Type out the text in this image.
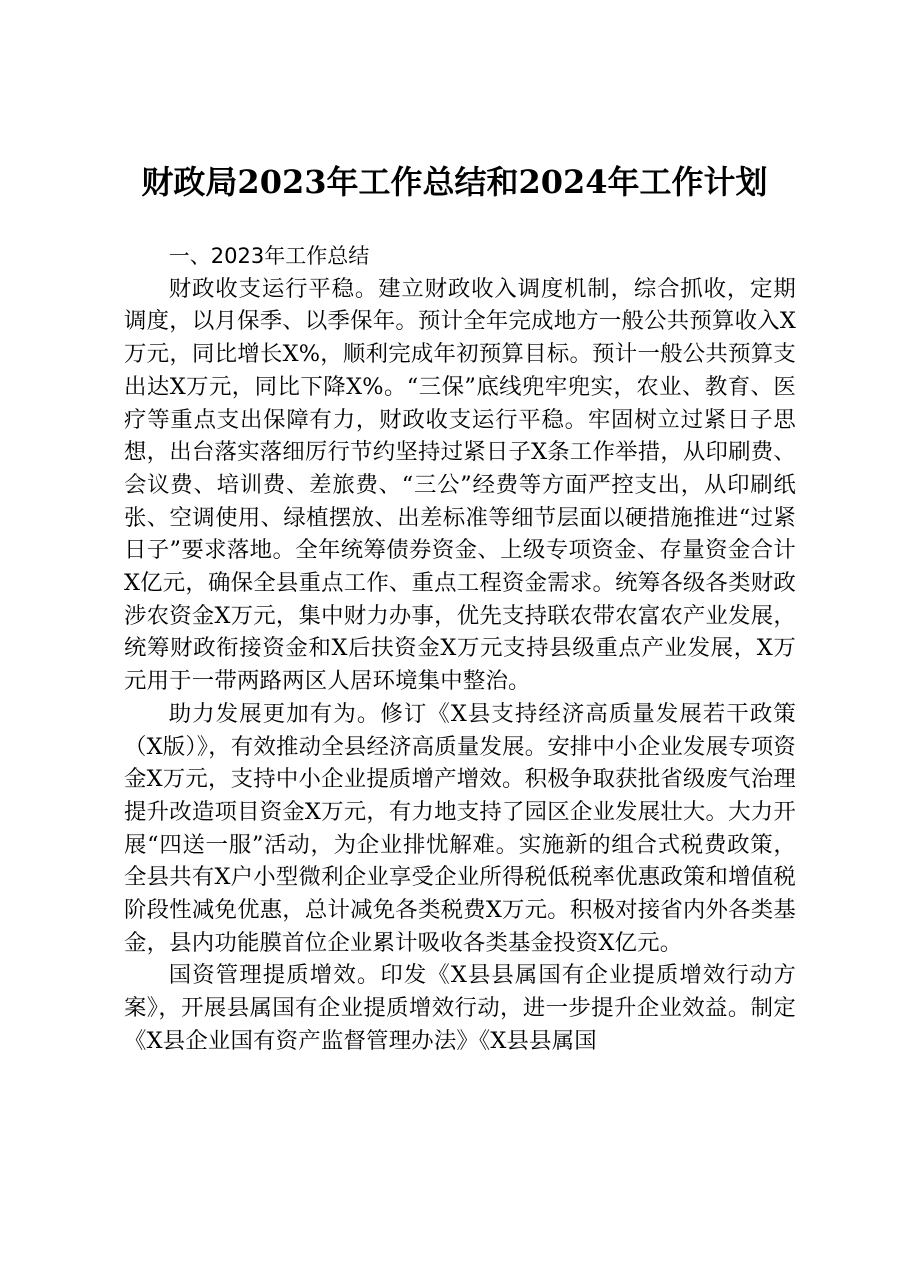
财政局2023年工作总结和2024年工作计划
一、2023年工作总结

财政收支运行平稳。建立财政收入调度机制，综合抓收，定期调度，以月保季、以季保年。预计全年完成地方一般公共预算收入X万元，同比增长X%，顺利完成年初预算目标。预计一般公共预算支出达X万元，同比下降X%。“三保”底线兜牢兜实，农业、教育、医疗等重点支出保障有力，财政收支运行平稳。牢固树立过紧日子思想，出台落实落细厉行节约坚持过紧日子X条工作举措，从印刷费、会议费、培训费、差旅费、“三公”经费等方面严控支出，从印刷纸张、空调使用、绿植摆放、出差标准等细节层面以硬措施推进“过紧日子”要求落地。全年统筹债券资金、上级专项资金、存量资金合计X亿元，确保全县重点工作、重点工程资金需求。统筹各级各类财政涉农资金X万元，集中财力办事，优先支持联农带农富农产业发展，统筹财政衔接资金和X后扶资金X万元支持县级重点产业发展，X万元用于一带两路两区人居环境集中整治。

助力发展更加有为。修订《X县支持经济高质量发展若干政策（X版）》，有效推动全县经济高质量发展。安排中小企业发展专项资金X万元，支持中小企业提质增产增效。积极争取获批省级废气治理提升改造项目资金X万元，有力地支持了园区企业发展壮大。大力开展“四送一服”活动，为企业排忧解难。实施新的组合式税费政策，全县共有X户小型微利企业享受企业所得税低税率优惠政策和增值税阶段性减免优惠，总计减免各类税费X万元。积极对接省内外各类基金，县内功能膜首位企业累计吸收各类基金投资X亿元。

国资管理提质增效。印发《X县县属国有企业提质增效行动方案》，开展县属国有企业提质增效行动，进一步提升企业效益。制定《X县企业国有资产监督管理办法》《X县县属国
